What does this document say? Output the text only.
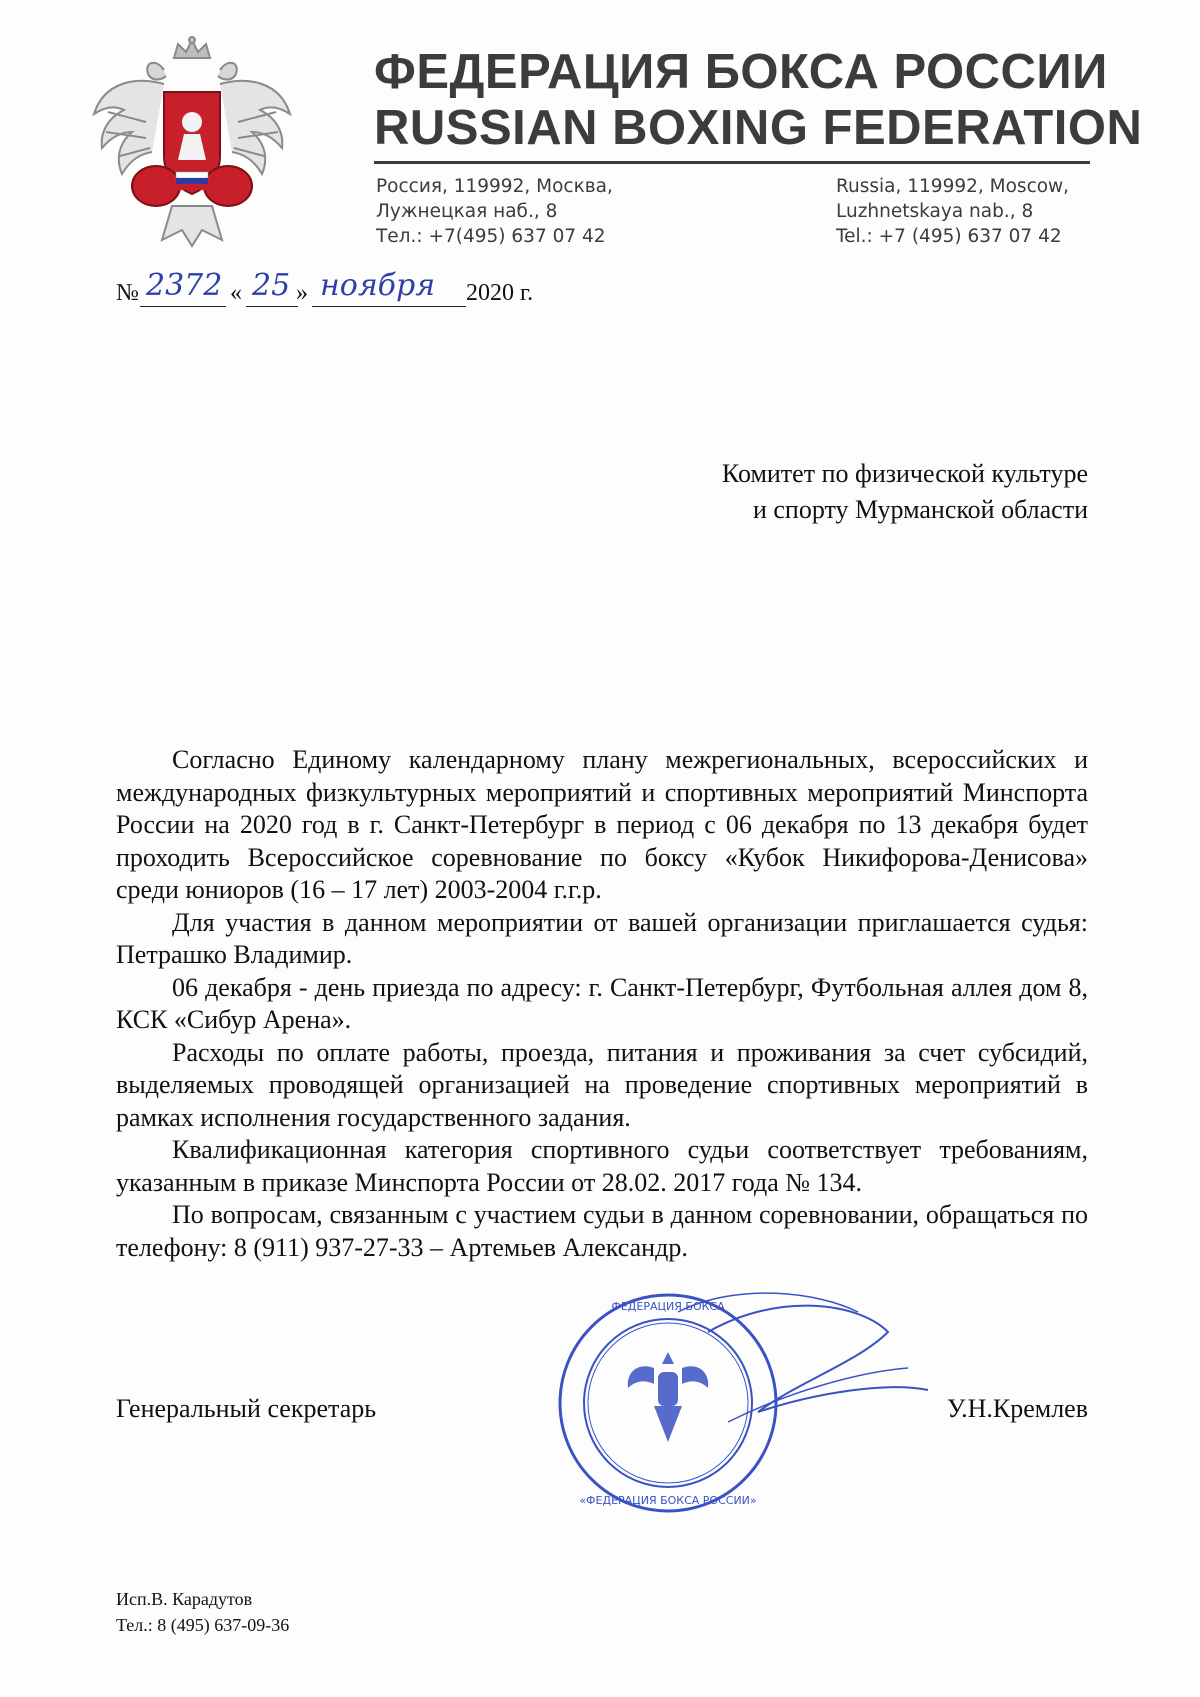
ФЕДЕРАЦИЯ БОКСА РОССИИ
RUSSIAN BOXING FEDERATION
Россия, 119992, Москва,
Лужнецкая наб., 8
Тел.: +7(495) 637 07 42
Russia, 119992, Moscow,
Luzhnetskaya nab., 8
Tel.: +7 (495) 637 07 42
№ 2372 « 25 » ноября 2020 г.
Комитет по физической культуре
и спорту Мурманской области

Согласно Единому календарному плану межрегиональных, всероссийских и международных физкультурных мероприятий и спортивных мероприятий Минспорта России на 2020 год в г. Санкт-Петербург в период с 06 декабря по 13 декабря будет проходить Всероссийское соревнование по боксу «Кубок Никифорова-Денисова» среди юниоров (16 – 17 лет) 2003-2004 г.г.р.

Для участия в данном мероприятии от вашей организации приглашается судья: Петрашко Владимир.

06 декабря - день приезда по адресу: г. Санкт-Петербург, Футбольная аллея дом 8, КСК «Сибур Арена».

Расходы по оплате работы, проезда, питания и проживания за счет субсидий, выделяемых проводящей организацией на проведение спортивных мероприятий в рамках исполнения государственного задания.

Квалификационная категория спортивного судьи соответствует требованиям, указанным в приказе Минспорта России от 28.02. 2017 года № 134.

По вопросам, связанным с участием судьи в данном соревновании, обращаться по телефону: 8 (911) 937-27-33 – Артемьев Александр.

Генеральный секретарь
ФЕДЕРАЦИЯ БОКСА
«ФЕДЕРАЦИЯ БОКСА РОССИИ»
У.Н.Кремлев
Исп.В. Карадутов
Тел.: 8 (495) 637-09-36
